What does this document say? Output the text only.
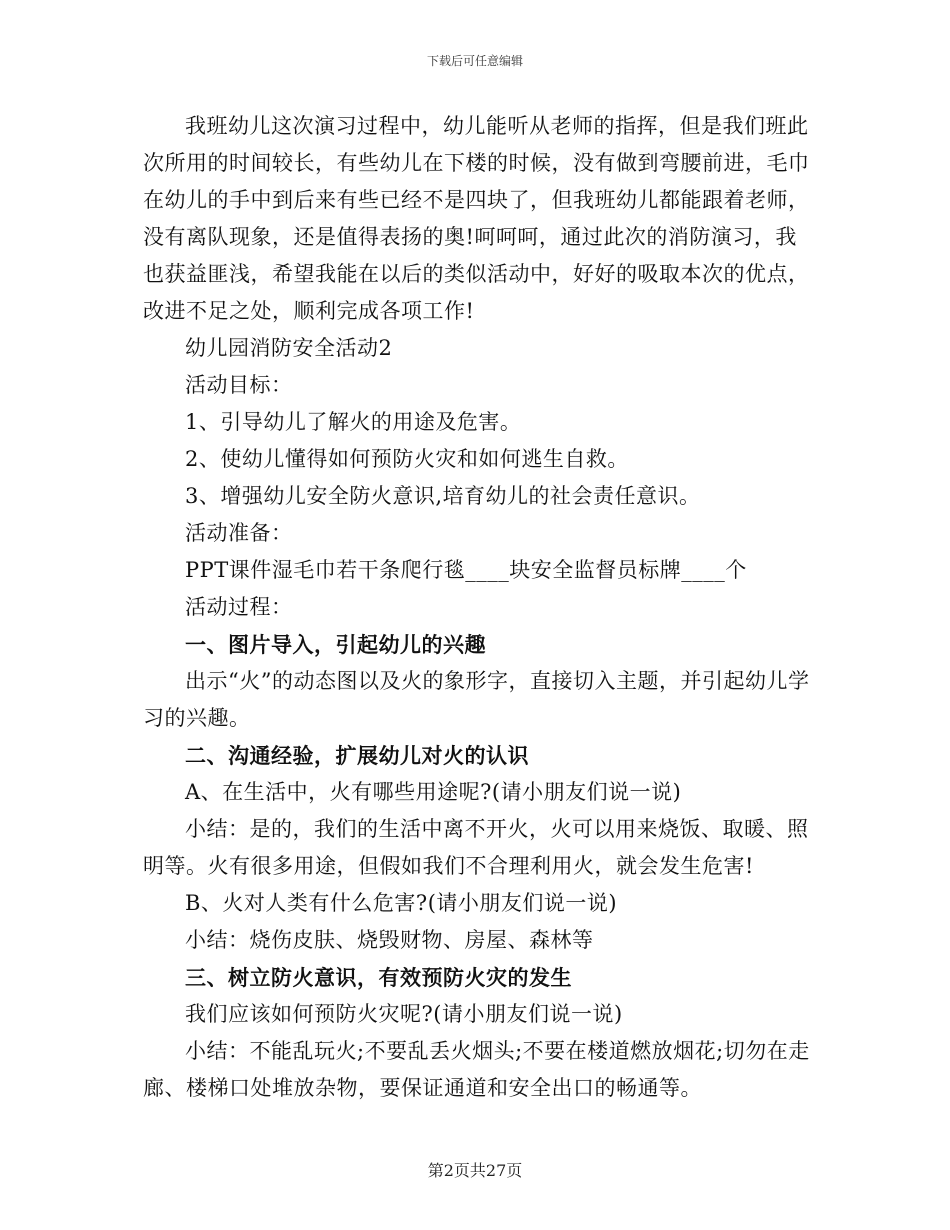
下载后可任意编辑

我班幼儿这次演习过程中，幼儿能听从老师的指挥，但是我们班此次所用的时间较长，有些幼儿在下楼的时候，没有做到弯腰前进，毛巾在幼儿的手中到后来有些已经不是四块了，但我班幼儿都能跟着老师，没有离队现象，还是值得表扬的奥!呵呵呵，通过此次的消防演习，我也获益匪浅，希望我能在以后的类似活动中，好好的吸取本次的优点，改进不足之处，顺利完成各项工作!

幼儿园消防安全活动2

活动目标：

1、引导幼儿了解火的用途及危害。

2、使幼儿懂得如何预防火灾和如何逃生自救。

3、增强幼儿安全防火意识,培育幼儿的社会责任意识。

活动准备：

PPT课件湿毛巾若干条爬行毯____块安全监督员标牌____个

活动过程：

一、图片导入，引起幼儿的兴趣

出示“火”的动态图以及火的象形字，直接切入主题，并引起幼儿学习的兴趣。

二、沟通经验，扩展幼儿对火的认识

A、在生活中，火有哪些用途呢?(请小朋友们说一说)

小结：是的，我们的生活中离不开火，火可以用来烧饭、取暖、照明等。火有很多用途，但假如我们不合理利用火，就会发生危害!

B、火对人类有什么危害?(请小朋友们说一说)

小结：烧伤皮肤、烧毁财物、房屋、森林等

三、树立防火意识，有效预防火灾的发生

我们应该如何预防火灾呢?(请小朋友们说一说)

小结：不能乱玩火;不要乱丢火烟头;不要在楼道燃放烟花;切勿在走廊、楼梯口处堆放杂物，要保证通道和安全出口的畅通等。

第2页共27页
